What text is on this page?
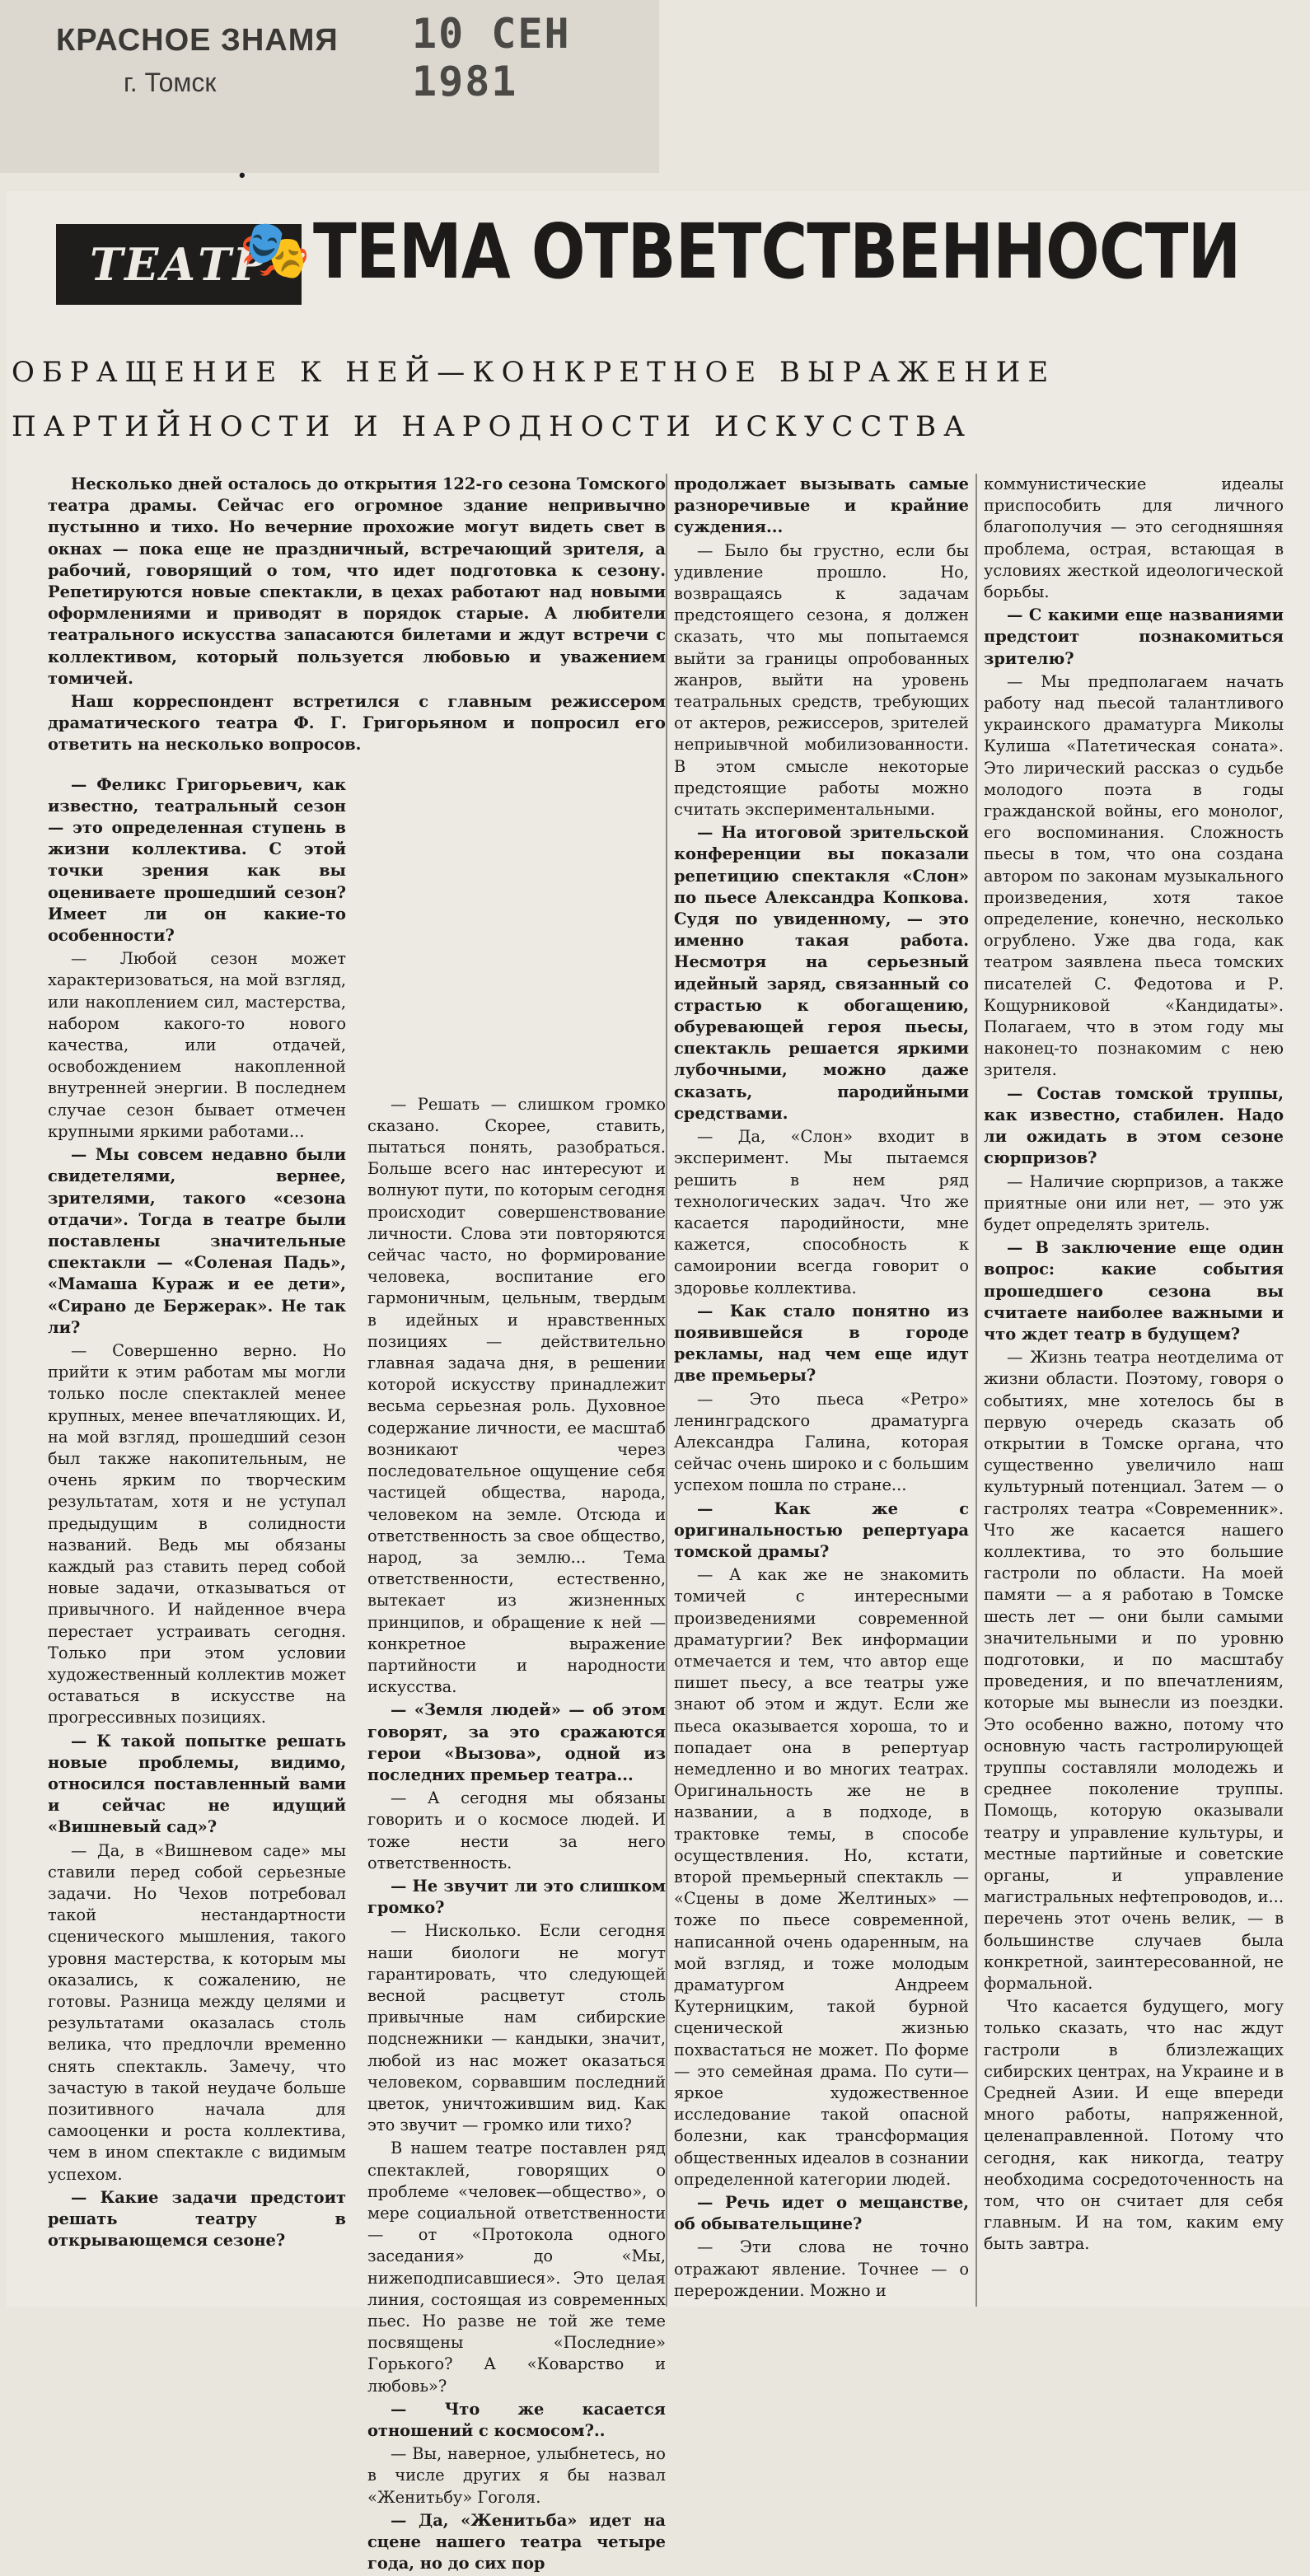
КРАСНОЕ ЗНАМЯ
г. Томск
10 СЕН 1981
•
ТЕАТР
🎭 ТЕМА ОТВЕТСТВЕННОСТИ
ОБРАЩЕНИЕ К НЕЙ—КОНКРЕТНОЕ ВЫРАЖЕНИЕ
ПАРТИЙНОСТИ И НАРОДНОСТИ ИСКУССТВА

Несколько дней осталось до открытия 122-го сезона Томского театра драмы. Сейчас его огромное здание непривычно пустынно и тихо. Но вечерние прохожие могут видеть свет в окнах — пока еще не праздничный, встречающий зрителя, а рабочий, говорящий о том, что идет подготовка к сезону. Репетируются новые спектакли, в цехах работают над новыми оформлениями и приводят в порядок старые. А любители театрального искусства запасаются билетами и ждут встречи с коллективом, который пользуется любовью и уважением томичей.

Наш корреспондент встретился с главным режиссером драматического театра Ф. Г. Григорьяном и попросил его ответить на несколько вопросов.

— Феликс Григорьевич, как известно, театральный сезон — это определенная ступень в жизни коллектива. С этой точки зрения как вы оцениваете прошедший сезон? Имеет ли он какие-то особенности?

— Любой сезон может характеризоваться, на мой взгляд, или накоплением сил, мастерства, набором какого-то нового качества, или отдачей, освобождением накопленной внутренней энергии. В последнем случае сезон бывает отмечен крупными яркими работами...

— Мы совсем недавно были свидетелями, вернее, зрителями, такого «сезона отдачи». Тогда в театре были поставлены значительные спектакли — «Соленая Падь», «Мамаша Кураж и ее дети», «Сирано де Бержерак». Не так ли?

— Совершенно верно. Но прийти к этим работам мы могли только после спектаклей менее крупных, менее впечатляющих. И, на мой взгляд, прошедший сезон был также накопительным, не очень ярким по творческим результатам, хотя и не уступал предыдущим в солидности названий. Ведь мы обязаны каждый раз ставить перед собой новые задачи, отказываться от привычного. И найденное вчера перестает устраивать сегодня. Только при этом условии художественный коллектив может оставаться в искусстве на прогрессивных позициях.

— К такой попытке решать новые проблемы, видимо, относился поставленный вами и сейчас не идущий «Вишневый сад»?

— Да, в «Вишневом саде» мы ставили перед собой серьезные задачи. Но Чехов потребовал такой нестандартности сценического мышления, такого уровня мастерства, к которым мы оказались, к сожалению, не готовы. Разница между целями и результатами оказалась столь велика, что предлочли временно снять спектакль. Замечу, что зачастую в такой неудаче больше позитивного начала для самооценки и роста коллектива, чем в ином спектакле с видимым успехом.

— Какие задачи предстоит решать театру в открывающемся сезоне?

— Решать — слишком громко сказано. Скорее, ставить, пытаться понять, разобраться. Больше всего нас интересуют и волнуют пути, по которым сегодня происходит совершенствование личности. Слова эти повторяются сейчас часто, но формирование человека, воспитание его гармоничным, цельным, твердым в идейных и нравственных позициях — действительно главная задача дня, в решении которой искусству принадлежит весьма серьезная роль. Духовное содержание личности, ее масштаб возникают через последовательное ощущение себя частицей общества, народа, человеком на земле. Отсюда и ответственность за свое общество, народ, за землю... Тема ответственности, естественно, вытекает из жизненных принципов, и обращение к ней — конкретное выражение партийности и народности искусства.

— «Земля людей» — об этом говорят, за это сражаются герои «Вызова», одной из последних премьер театра...

— А сегодня мы обязаны говорить и о космосе людей. И тоже нести за него ответственность.

— Не звучит ли это слишком громко?

— Нисколько. Если сегодня наши биологи не могут гарантировать, что следующей весной расцветут столь привычные нам сибирские подснежники — кандыки, значит, любой из нас может оказаться человеком, сорвавшим последний цветок, уничтожившим вид. Как это звучит — громко или тихо?

В нашем театре поставлен ряд спектаклей, говорящих о проблеме «человек—общество», о мере социальной ответственности — от «Протокола одного заседания» до «Мы, нижеподписавшиеся». Это целая линия, состоящая из современных пьес. Но разве не той же теме посвящены «Последние» Горького? А «Коварство и любовь»?

— Что же касается отношений с космосом?..

— Вы, наверное, улыбнетесь, но в числе других я бы назвал «Женитьбу» Гоголя.

— Да, «Женитьба» идет на сцене нашего театра четыре года, но до сих пор

продолжает вызывать самые разноречивые и крайние суждения...

— Было бы грустно, если бы удивление прошло. Но, возвращаясь к задачам предстоящего сезона, я должен сказать, что мы попытаемся выйти за границы опробованных жанров, выйти на уровень театральных средств, требующих от актеров, режиссеров, зрителей неприывчной мобилизованности. В этом смысле некоторые предстоящие работы можно считать экспериментальными.

— На итоговой зрительской конференции вы показали репетицию спектакля «Слон» по пьесе Александра Копкова. Судя по увиденному, — это именно такая работа. Несмотря на серьезный идейный заряд, связанный со страстью к обогащению, обуревающей героя пьесы, спектакль решается яркими лубочными, можно даже сказать, пародийными средствами.

— Да, «Слон» входит в эксперимент. Мы пытаемся решить в нем ряд технологических задач. Что же касается пародийности, мне кажется, способность к самоиронии всегда говорит о здоровье коллектива.

— Как стало понятно из появившейся в городе рекламы, над чем еще идут две премьеры?

— Это пьеса «Ретро» ленинградского драматурга Александра Галина, которая сейчас очень широко и с большим успехом пошла по стране...

— Как же с оригинальностью репертуара томской драмы?

— А как же не знакомить томичей с интересными произведениями современной драматургии? Век информации отмечается и тем, что автор еще пишет пьесу, а все театры уже знают об этом и ждут. Если же пьеса оказывается хороша, то и попадает она в репертуар немедленно и во многих театрах. Оригинальность же не в названии, а в подходе, в трактовке темы, в способе осуществления. Но, кстати, второй премьерный спектакль — «Сцены в доме Желтиных» — тоже по пьесе современной, написанной очень одаренным, на мой взгляд, и тоже молодым драматургом Андреем Кутерницким, такой бурной сценической жизнью похвастаться не может. По форме — это семейная драма. По сути—яркое художественное исследование такой опасной болезни, как трансформация общественных идеалов в сознании определенной категории людей.

— Речь идет о мещанстве, об обывательщине?

— Эти слова не точно отражают явление. Точнее — о перерождении. Можно и

коммунистические идеалы приспособить для личного благополучия — это сегодняшняя проблема, острая, встающая в условиях жесткой идеологической борьбы.

— С какими еще названиями предстоит познакомиться зрителю?

— Мы предполагаем начать работу над пьесой талантливого украинского драматурга Миколы Кулиша «Патетическая соната». Это лирический рассказ о судьбе молодого поэта в годы гражданской войны, его монолог, его воспоминания. Сложность пьесы в том, что она создана автором по законам музыкального произведения, хотя такое определение, конечно, несколько огрублено. Уже два года, как театром заявлена пьеса томских писателей С. Федотова и Р. Кощурниковой «Кандидаты». Полагаем, что в этом году мы наконец-то познакомим с нею зрителя.

— Состав томской труппы, как известно, стабилен. Надо ли ожидать в этом сезоне сюрпризов?

— Наличие сюрпризов, а также приятные они или нет, — это уж будет определять зритель.

— В заключение еще один вопрос: какие события прошедшего сезона вы считаете наиболее важными и что ждет театр в будущем?

— Жизнь театра неотделима от жизни области. Поэтому, говоря о событиях, мне хотелось бы в первую очередь сказать об открытии в Томске органа, что существенно увеличило наш культурный потенциал. Затем — о гастролях театра «Современник». Что же касается нашего коллектива, то это большие гастроли по области. На моей памяти — а я работаю в Томске шесть лет — они были самыми значительными и по уровню подготовки, и по масштабу проведения, и по впечатлениям, которые мы вынесли из поездки. Это особенно важно, потому что основную часть гастролирующей труппы составляли молодежь и среднее поколение труппы. Помощь, которую оказывали театру и управление культуры, и местные партийные и советские органы, и управление магистральных нефтепроводов, и... перечень этот очень велик, — в большинстве случаев была конкретной, заинтересованной, не формальной.

Что касается будущего, могу только сказать, что нас ждут гастроли в близлежащих сибирских центрах, на Украине и в Средней Азии. И еще впереди много работы, напряженной, целенаправленной. Потому что сегодня, как никогда, театру необходима сосредоточенность на том, что он считает для себя главным. И на том, каким ему быть завтра.
